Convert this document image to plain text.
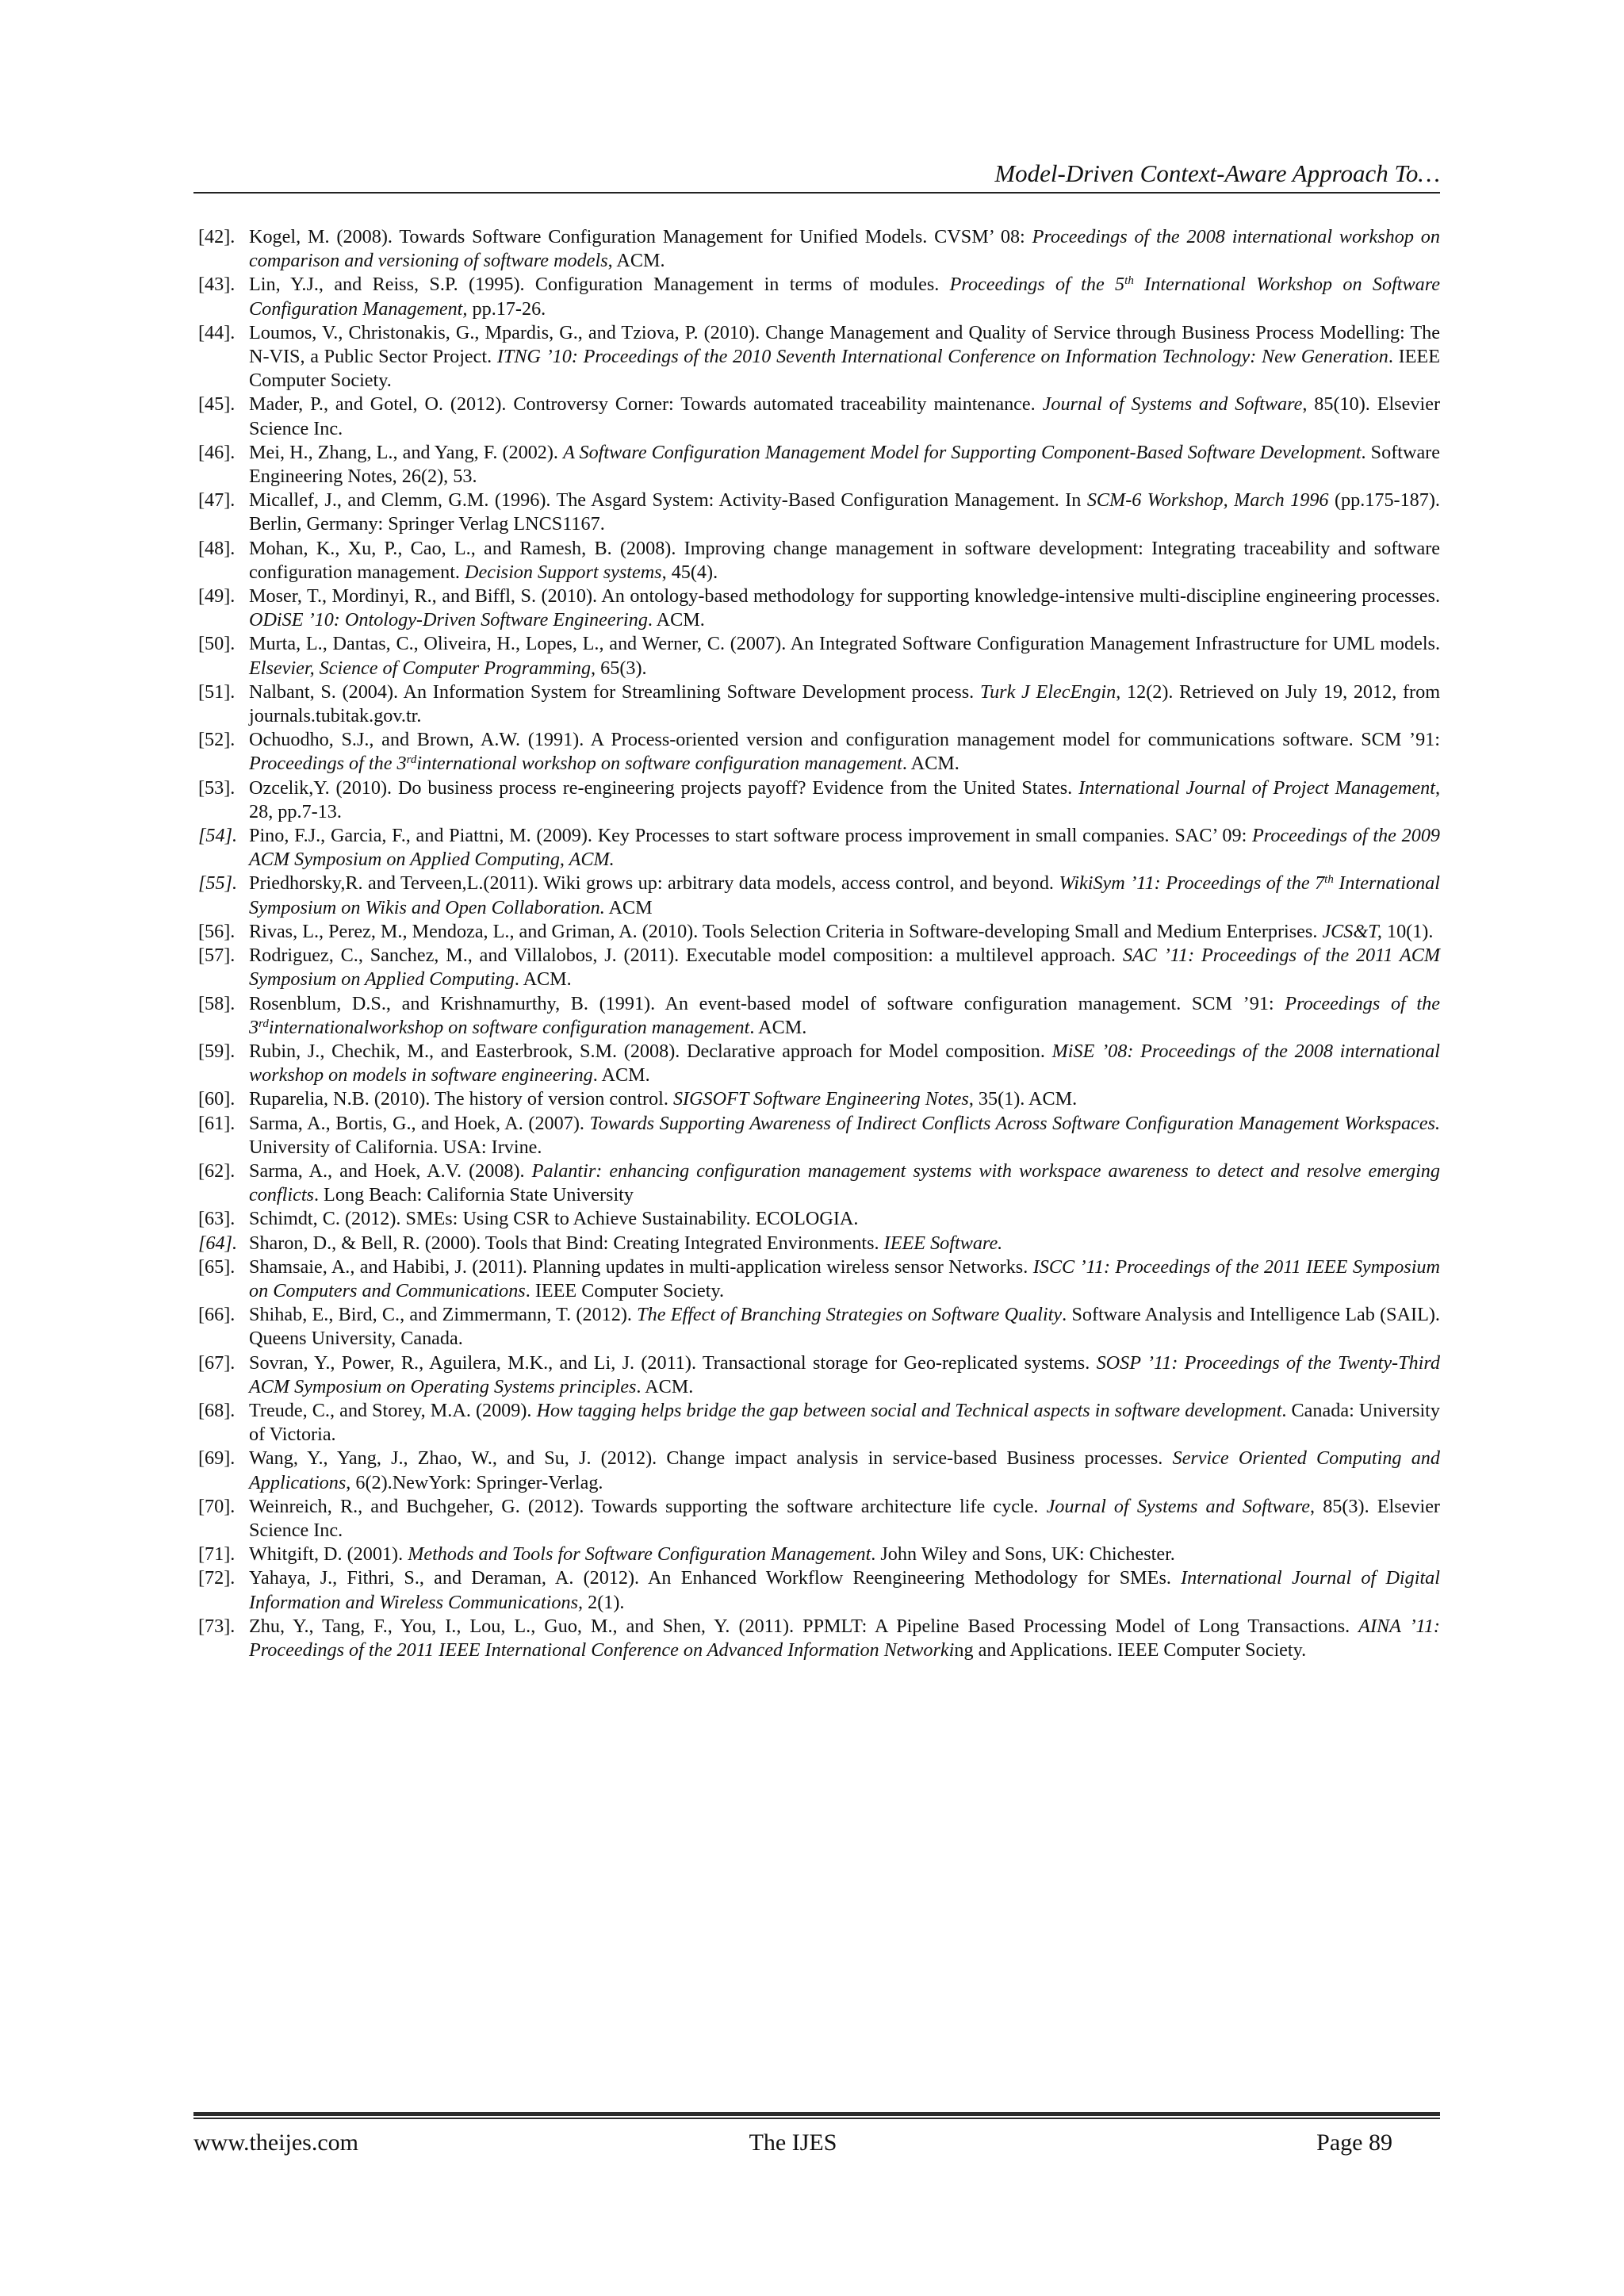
Model-Driven Context-Aware Approach To…
[42]. Kogel, M. (2008). Towards Software Configuration Management for Unified Models. CVSM’ 08: Proceedings of the 2008 international workshop on comparison and versioning of software models, ACM.
[43]. Lin, Y.J., and Reiss, S.P. (1995). Configuration Management in terms of modules. Proceedings of the 5th International Workshop on Software Configuration Management, pp.17-26.
[44]. Loumos, V., Christonakis, G., Mpardis, G., and Tziova, P. (2010). Change Management and Quality of Service through Business Process Modelling: The N-VIS, a Public Sector Project. ITNG ’10: Proceedings of the 2010 Seventh International Conference on Information Technology: New Generation. IEEE Computer Society.
[45]. Mader, P., and Gotel, O. (2012). Controversy Corner: Towards automated traceability maintenance. Journal of Systems and Software, 85(10). Elsevier Science Inc.
[46]. Mei, H., Zhang, L., and Yang, F. (2002). A Software Configuration Management Model for Supporting Component-Based Software Development. Software Engineering Notes, 26(2), 53.
[47]. Micallef, J., and Clemm, G.M. (1996). The Asgard System: Activity-Based Configuration Management. In SCM-6 Workshop, March 1996 (pp.175-187). Berlin, Germany: Springer Verlag LNCS1167.
[48]. Mohan, K., Xu, P., Cao, L., and Ramesh, B. (2008). Improving change management in software development: Integrating traceability and software configuration management. Decision Support systems, 45(4).
[49]. Moser, T., Mordinyi, R., and Biffl, S. (2010). An ontology-based methodology for supporting knowledge-intensive multi-discipline engineering processes. ODiSE ’10: Ontology-Driven Software Engineering. ACM.
[50]. Murta, L., Dantas, C., Oliveira, H., Lopes, L., and Werner, C. (2007). An Integrated Software Configuration Management Infrastructure for UML models. Elsevier, Science of Computer Programming, 65(3).
[51]. Nalbant, S. (2004). An Information System for Streamlining Software Development process. Turk J ElecEngin, 12(2). Retrieved on July 19, 2012, from journals.tubitak.gov.tr.
[52]. Ochuodho, S.J., and Brown, A.W. (1991). A Process-oriented version and configuration management model for communications software. SCM ’91: Proceedings of the 3rdinternational workshop on software configuration management. ACM.
[53]. Ozcelik,Y. (2010). Do business process re-engineering projects payoff? Evidence from the United States. International Journal of Project Management, 28, pp.7-13.
[54]. Pino, F.J., Garcia, F., and Piattni, M. (2009). Key Processes to start software process improvement in small companies. SAC’ 09: Proceedings of the 2009 ACM Symposium on Applied Computing, ACM.
[55]. Priedhorsky,R. and Terveen,L.(2011). Wiki grows up: arbitrary data models, access control, and beyond. WikiSym ’11: Proceedings of the 7th International Symposium on Wikis and Open Collaboration. ACM
[56]. Rivas, L., Perez, M., Mendoza, L., and Griman, A. (2010). Tools Selection Criteria in Software-developing Small and Medium Enterprises. JCS&T, 10(1).
[57]. Rodriguez, C., Sanchez, M., and Villalobos, J. (2011). Executable model composition: a multilevel approach. SAC ’11: Proceedings of the 2011 ACM Symposium on Applied Computing. ACM.
[58]. Rosenblum, D.S., and Krishnamurthy, B. (1991). An event-based model of software configuration management. SCM ’91: Proceedings of the 3rdinternationalworkshop on software configuration management. ACM.
[59]. Rubin, J., Chechik, M., and Easterbrook, S.M. (2008). Declarative approach for Model composition. MiSE ’08: Proceedings of the 2008 international workshop on models in software engineering. ACM.
[60]. Ruparelia, N.B. (2010). The history of version control. SIGSOFT Software Engineering Notes, 35(1). ACM.
[61]. Sarma, A., Bortis, G., and Hoek, A. (2007). Towards Supporting Awareness of Indirect Conflicts Across Software Configuration Management Workspaces. University of California. USA: Irvine.
[62]. Sarma, A., and Hoek, A.V. (2008). Palantir: enhancing configuration management systems with workspace awareness to detect and resolve emerging conflicts. Long Beach: California State University
[63]. Schimdt, C. (2012). SMEs: Using CSR to Achieve Sustainability. ECOLOGIA.
[64]. Sharon, D., & Bell, R. (2000). Tools that Bind: Creating Integrated Environments. IEEE Software.
[65]. Shamsaie, A., and Habibi, J. (2011). Planning updates in multi-application wireless sensor Networks. ISCC ’11: Proceedings of the 2011 IEEE Symposium on Computers and Communications. IEEE Computer Society.
[66]. Shihab, E., Bird, C., and Zimmermann, T. (2012). The Effect of Branching Strategies on Software Quality. Software Analysis and Intelligence Lab (SAIL). Queens University, Canada.
[67]. Sovran, Y., Power, R., Aguilera, M.K., and Li, J. (2011). Transactional storage for Geo-replicated systems. SOSP ’11: Proceedings of the Twenty-Third ACM Symposium on Operating Systems principles. ACM.
[68]. Treude, C., and Storey, M.A. (2009). How tagging helps bridge the gap between social and Technical aspects in software development. Canada: University of Victoria.
[69]. Wang, Y., Yang, J., Zhao, W., and Su, J. (2012). Change impact analysis in service-based Business processes. Service Oriented Computing and Applications, 6(2).NewYork: Springer-Verlag.
[70]. Weinreich, R., and Buchgeher, G. (2012). Towards supporting the software architecture life cycle. Journal of Systems and Software, 85(3). Elsevier Science Inc.
[71]. Whitgift, D. (2001). Methods and Tools for Software Configuration Management. John Wiley and Sons, UK: Chichester.
[72]. Yahaya, J., Fithri, S., and Deraman, A. (2012). An Enhanced Workflow Reengineering Methodology for SMEs. International Journal of Digital Information and Wireless Communications, 2(1).
[73]. Zhu, Y., Tang, F., You, I., Lou, L., Guo, M., and Shen, Y. (2011). PPMLT: A Pipeline Based Processing Model of Long Transactions. AINA ’11: Proceedings of the 2011 IEEE International Conference on Advanced Information Networking and Applications. IEEE Computer Society.
www.theijes.com	The IJES	Page 89
